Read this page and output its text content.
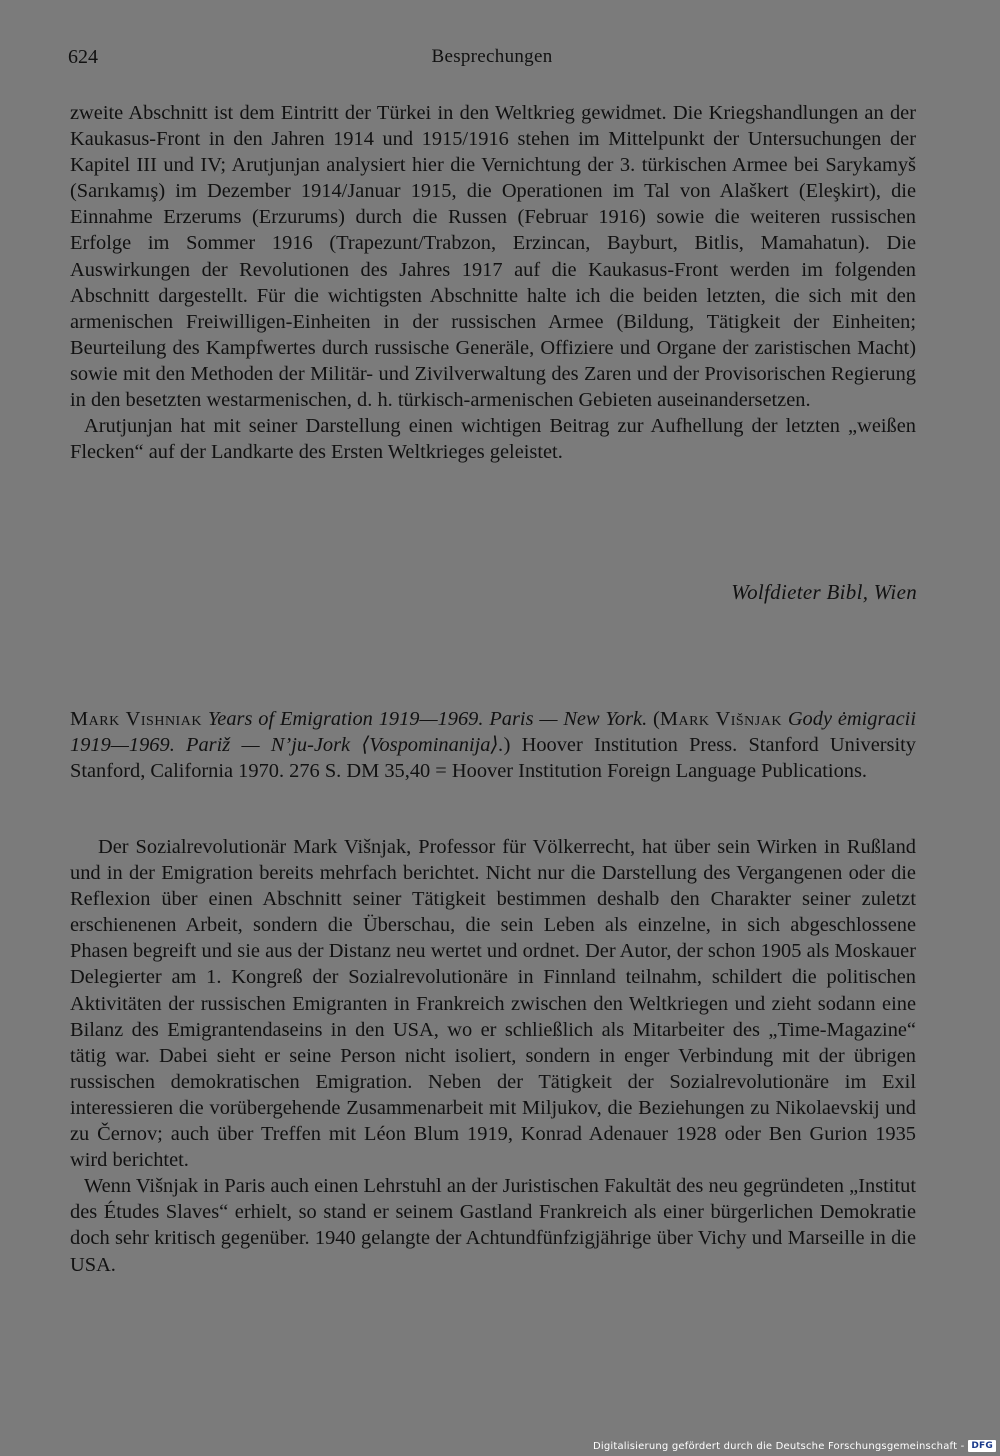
624	Besprechungen

zweite Abschnitt ist dem Eintritt der Türkei in den Weltkrieg gewidmet. Die Kriegshandlungen an der Kaukasus-Front in den Jahren 1914 und 1915/1916 stehen im Mittelpunkt der Untersuchungen der Kapitel III und IV; Arutjunjan analysiert hier die Vernichtung der 3. türkischen Armee bei Sarykamyš (Sarıkamış) im Dezember 1914/Januar 1915, die Operationen im Tal von Alaškert (Eleşkirt), die Einnahme Erzerums (Erzurums) durch die Russen (Februar 1916) sowie die weiteren russischen Erfolge im Sommer 1916 (Trapezunt/Trabzon, Erzincan, Bayburt, Bitlis, Mamahatun). Die Auswirkungen der Revolutionen des Jahres 1917 auf die Kaukasus-Front werden im folgenden Abschnitt dargestellt. Für die wichtigsten Abschnitte halte ich die beiden letzten, die sich mit den armenischen Freiwilligen-Einheiten in der russischen Armee (Bildung, Tätigkeit der Einheiten; Beurteilung des Kampfwertes durch russische Generäle, Offiziere und Organe der zaristischen Macht) sowie mit den Methoden der Militär- und Zivilverwaltung des Zaren und der Provisorischen Regierung in den besetzten westarmenischen, d. h. türkisch-armenischen Gebieten auseinandersetzen.

Arutjunjan hat mit seiner Darstellung einen wichtigen Beitrag zur Aufhellung der letzten „weißen Flecken“ auf der Landkarte des Ersten Weltkrieges geleistet.

Wolfdieter Bibl, Wien
Mark Vishniak Years of Emigration 1919—1969. Paris — New York. (Mark Višnjak Gody ėmigracii 1919—1969. Pariž — N’ju-Jork ⟨Vospominanija⟩.) Hoover Institution Press. Stanford University Stanford, California 1970. 276 S. DM 35,40 = Hoover Institution Foreign Language Publications.

Der Sozialrevolutionär Mark Višnjak, Professor für Völkerrecht, hat über sein Wirken in Rußland und in der Emigration bereits mehrfach berichtet. Nicht nur die Darstellung des Vergangenen oder die Reflexion über einen Abschnitt seiner Tätigkeit bestimmen deshalb den Charakter seiner zuletzt erschienenen Arbeit, sondern die Überschau, die sein Leben als einzelne, in sich abgeschlossene Phasen begreift und sie aus der Distanz neu wertet und ordnet. Der Autor, der schon 1905 als Moskauer Delegierter am 1. Kongreß der Sozialrevolutionäre in Finnland teilnahm, schildert die politischen Aktivitäten der russischen Emigranten in Frankreich zwischen den Weltkriegen und zieht sodann eine Bilanz des Emigrantendaseins in den USA, wo er schließlich als Mitarbeiter des „Time-Magazine“ tätig war. Dabei sieht er seine Person nicht isoliert, sondern in enger Verbindung mit der übrigen russischen demokratischen Emigration. Neben der Tätigkeit der Sozialrevolutionäre im Exil interessieren die vorübergehende Zusammenarbeit mit Miljukov, die Beziehungen zu Nikolaevskij und zu Černov; auch über Treffen mit Léon Blum 1919, Konrad Adenauer 1928 oder Ben Gurion 1935 wird berichtet.

Wenn Višnjak in Paris auch einen Lehrstuhl an der Juristischen Fakultät des neu gegründeten „Institut des Études Slaves“ erhielt, so stand er seinem Gastland Frankreich als einer bürgerlichen Demokratie doch sehr kritisch gegenüber. 1940 gelangte der Achtundfünfzigjährige über Vichy und Marseille in die USA.

Digitalisierung gefördert durch die Deutsche Forschungsgemeinschaft - DFG
